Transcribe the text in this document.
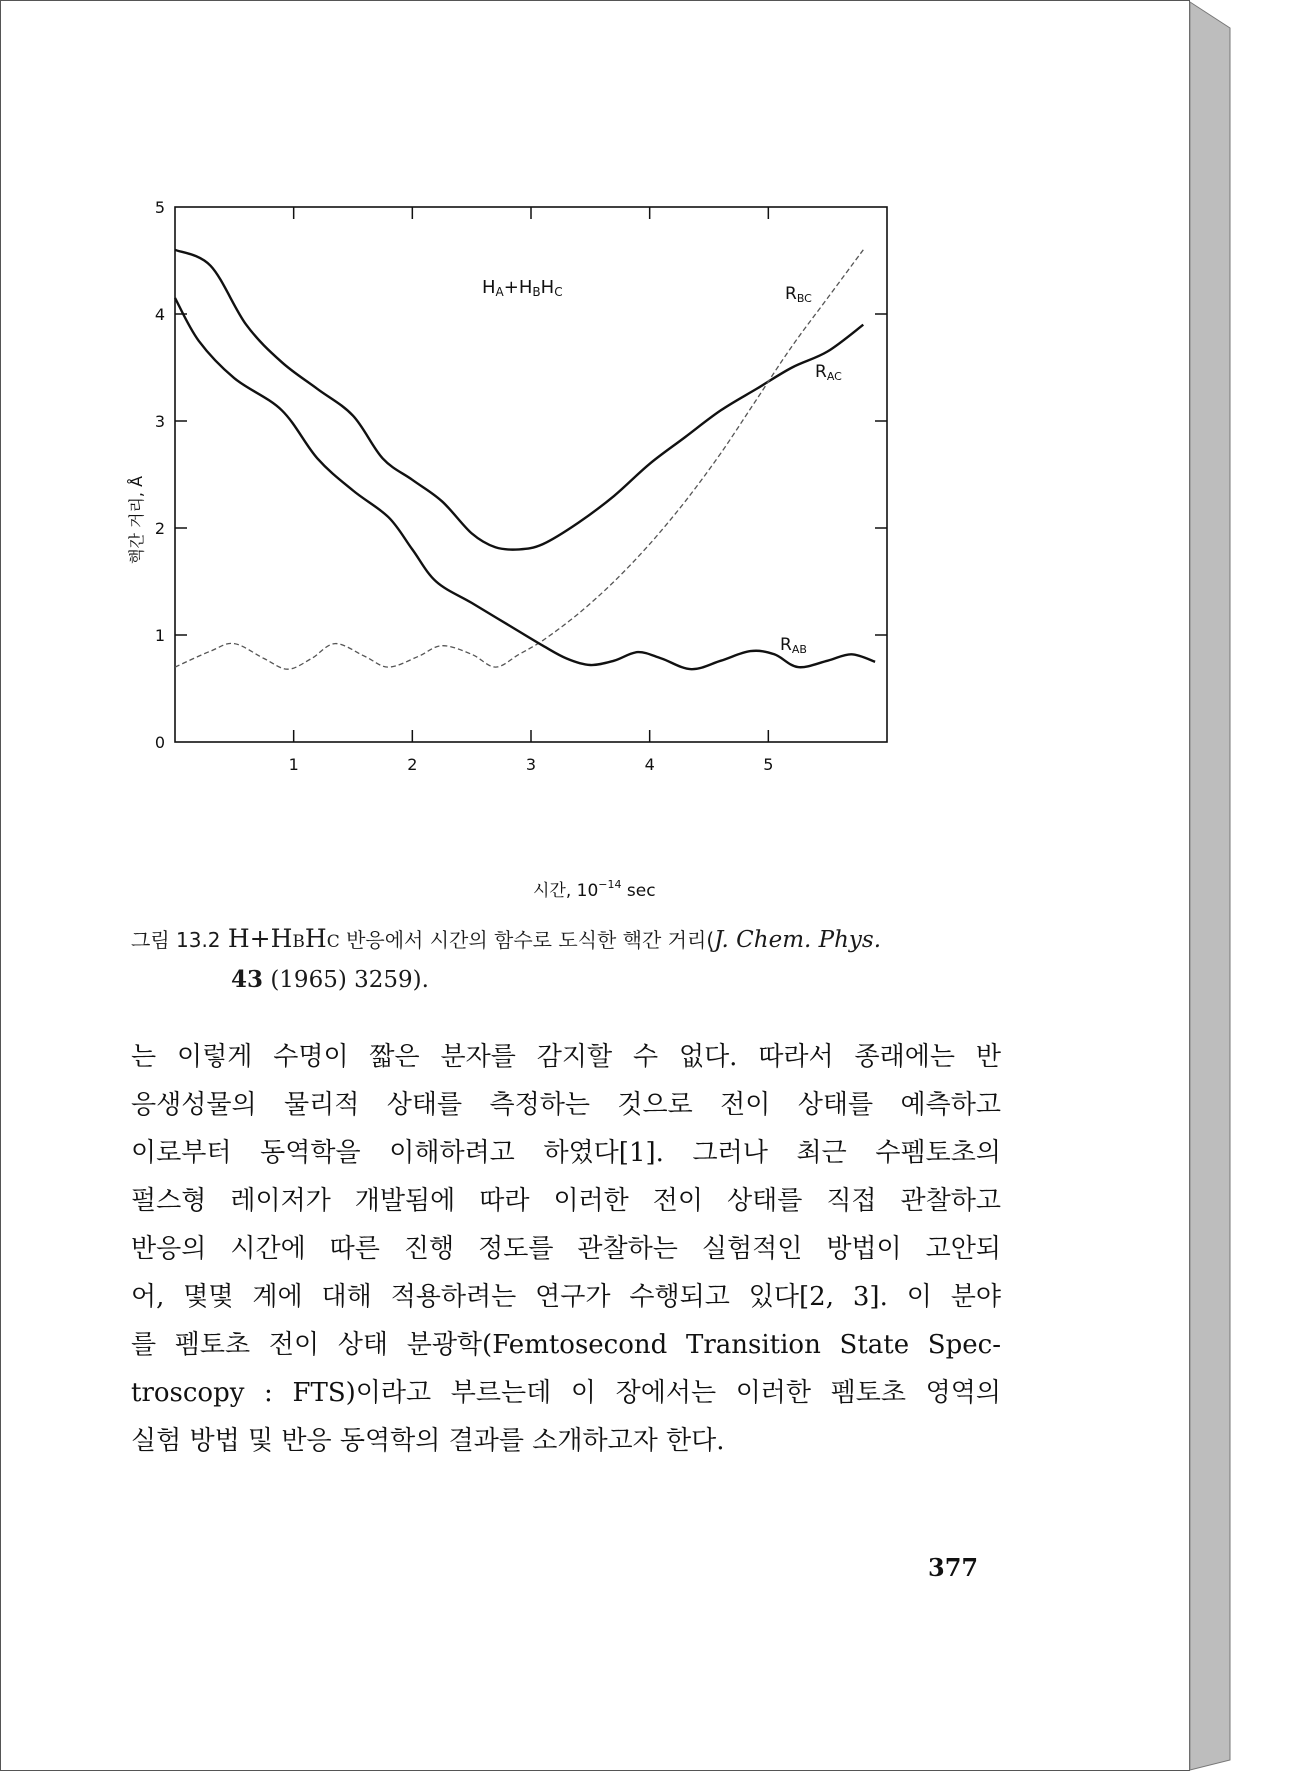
RBC
RAC
RAB
1	2	3	4	5
0
1
2
3
4
5
HA+HBHC
시간, $10^{-14}$ sec
핵간 거리, Å
그림 13.2 H+HBHC 반응에서 시간의 함수로 도식한 핵간 거리(J. Chem. Phys.
43 (1965) 3259).
는 이렇게 수명이 짧은 분자를 감지할 수 없다. 따라서 종래에는 반
응생성물의 물리적 상태를 측정하는 것으로 전이 상태를 예측하고
이로부터 동역학을 이해하려고 하였다[1]. 그러나 최근 수펨토초의
펄스형 레이저가 개발됨에 따라 이러한 전이 상태를 직접 관찰하고
반응의 시간에 따른 진행 정도를 관찰하는 실험적인 방법이 고안되
어, 몇몇 계에 대해 적용하려는 연구가 수행되고 있다[2, 3]. 이 분야
를 펨토초 전이 상태 분광학(Femtosecond Transition State Spec-
troscopy : FTS)이라고 부르는데 이 장에서는 이러한 펨토초 영역의
실험 방법 및 반응 동역학의 결과를 소개하고자 한다.
377
